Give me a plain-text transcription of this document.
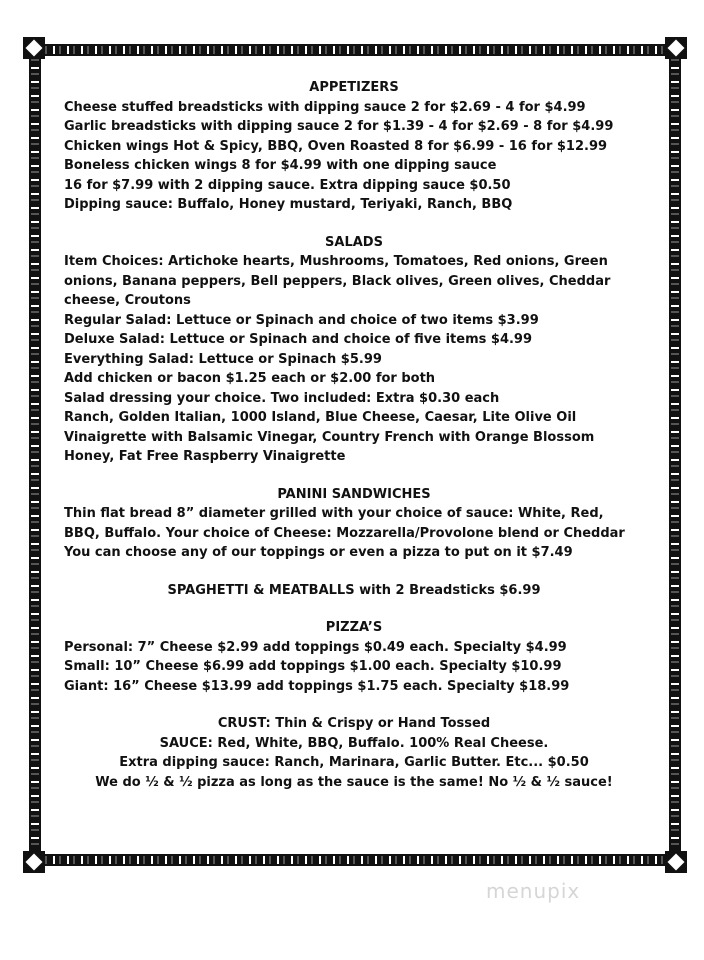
APPETIZERS

Cheese stuffed breadsticks with dipping sauce 2 for $2.69 - 4 for $4.99

Garlic breadsticks with dipping sauce 2 for $1.39 - 4 for $2.69 - 8 for $4.99

Chicken wings Hot & Spicy, BBQ, Oven Roasted 8 for $6.99 - 16 for $12.99

Boneless chicken wings 8 for $4.99 with one dipping sauce

16 for $7.99 with 2 dipping sauce. Extra dipping sauce $0.50

Dipping sauce: Buffalo, Honey mustard, Teriyaki, Ranch, BBQ

SALADS

Item Choices: Artichoke hearts, Mushrooms, Tomatoes, Red onions, Green

onions, Banana peppers, Bell peppers, Black olives, Green olives, Cheddar

cheese, Croutons

Regular Salad: Lettuce or Spinach and choice of two items $3.99

Deluxe Salad: Lettuce or Spinach and choice of five items $4.99

Everything Salad: Lettuce or Spinach $5.99

Add chicken or bacon $1.25 each or $2.00 for both

Salad dressing your choice. Two included: Extra $0.30 each

Ranch, Golden Italian, 1000 Island, Blue Cheese, Caesar, Lite Olive Oil

Vinaigrette with Balsamic Vinegar, Country French with Orange Blossom

Honey, Fat Free Raspberry Vinaigrette

PANINI SANDWICHES

Thin flat bread 8” diameter grilled with your choice of sauce: White, Red,

BBQ, Buffalo. Your choice of Cheese: Mozzarella/Provolone blend or Cheddar

You can choose any of our toppings or even a pizza to put on it $7.49

SPAGHETTI & MEATBALLS with 2 Breadsticks $6.99

PIZZA’S

Personal: 7” Cheese $2.99 add toppings $0.49 each. Specialty $4.99

Small: 10” Cheese $6.99 add toppings $1.00 each. Specialty $10.99

Giant: 16” Cheese $13.99 add toppings $1.75 each. Specialty $18.99

CRUST: Thin & Crispy or Hand Tossed

SAUCE: Red, White, BBQ, Buffalo. 100% Real Cheese.

Extra dipping sauce: Ranch, Marinara, Garlic Butter. Etc... $0.50

We do ½ & ½ pizza as long as the sauce is the same! No ½ & ½ sauce!

menupix
